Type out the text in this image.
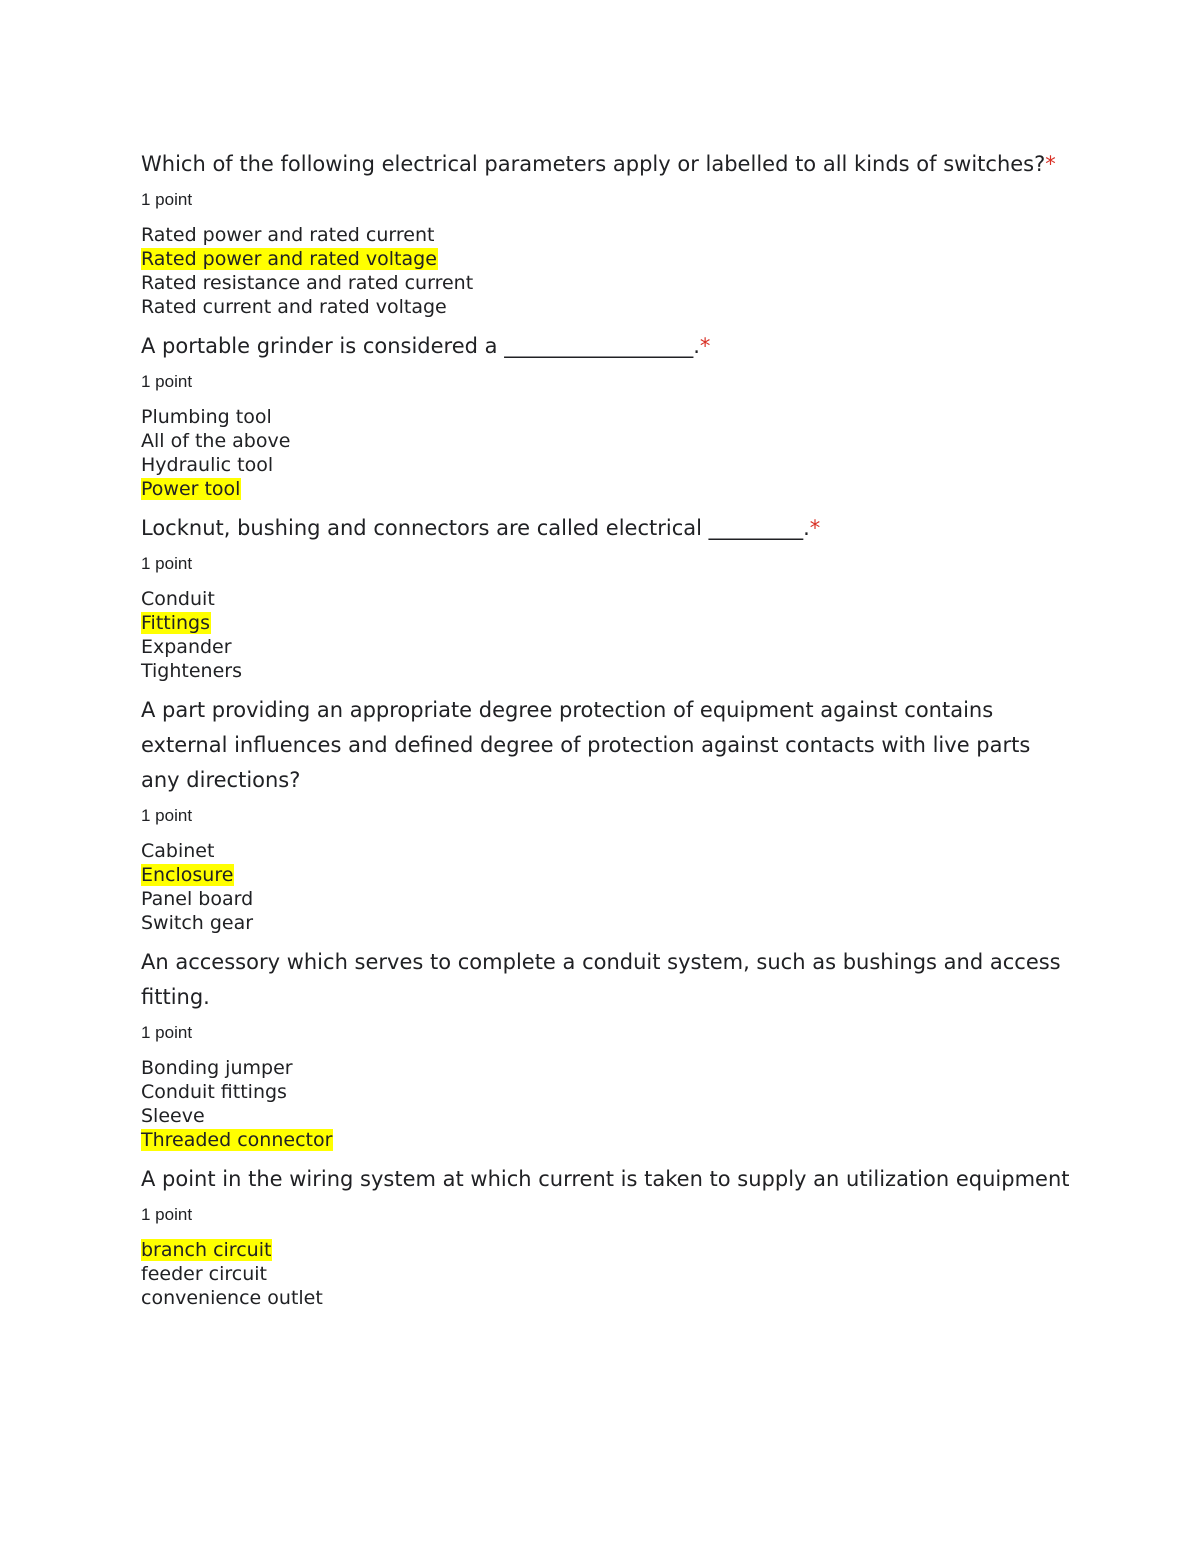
Which of the following electrical parameters apply or labelled to all kinds of switches?*

1 point
Rated power and rated current
Rated power and rated voltage
Rated resistance and rated current
Rated current and rated voltage

A portable grinder is considered a __________________.*

1 point
Plumbing tool
All of the above
Hydraulic tool
Power tool

Locknut, bushing and connectors are called electrical _________.*

1 point
Conduit
Fittings
Expander
Tighteners

A part providing an appropriate degree protection of equipment against contains external influences and defined degree of protection against contacts with live parts any directions?

1 point
Cabinet
Enclosure
Panel board
Switch gear

An accessory which serves to complete a conduit system, such as bushings and access fitting.

1 point
Bonding jumper
Conduit fittings
Sleeve
Threaded connector

A point in the wiring system at which current is taken to supply an utilization equipment

1 point
branch circuit
feeder circuit
convenience outlet
